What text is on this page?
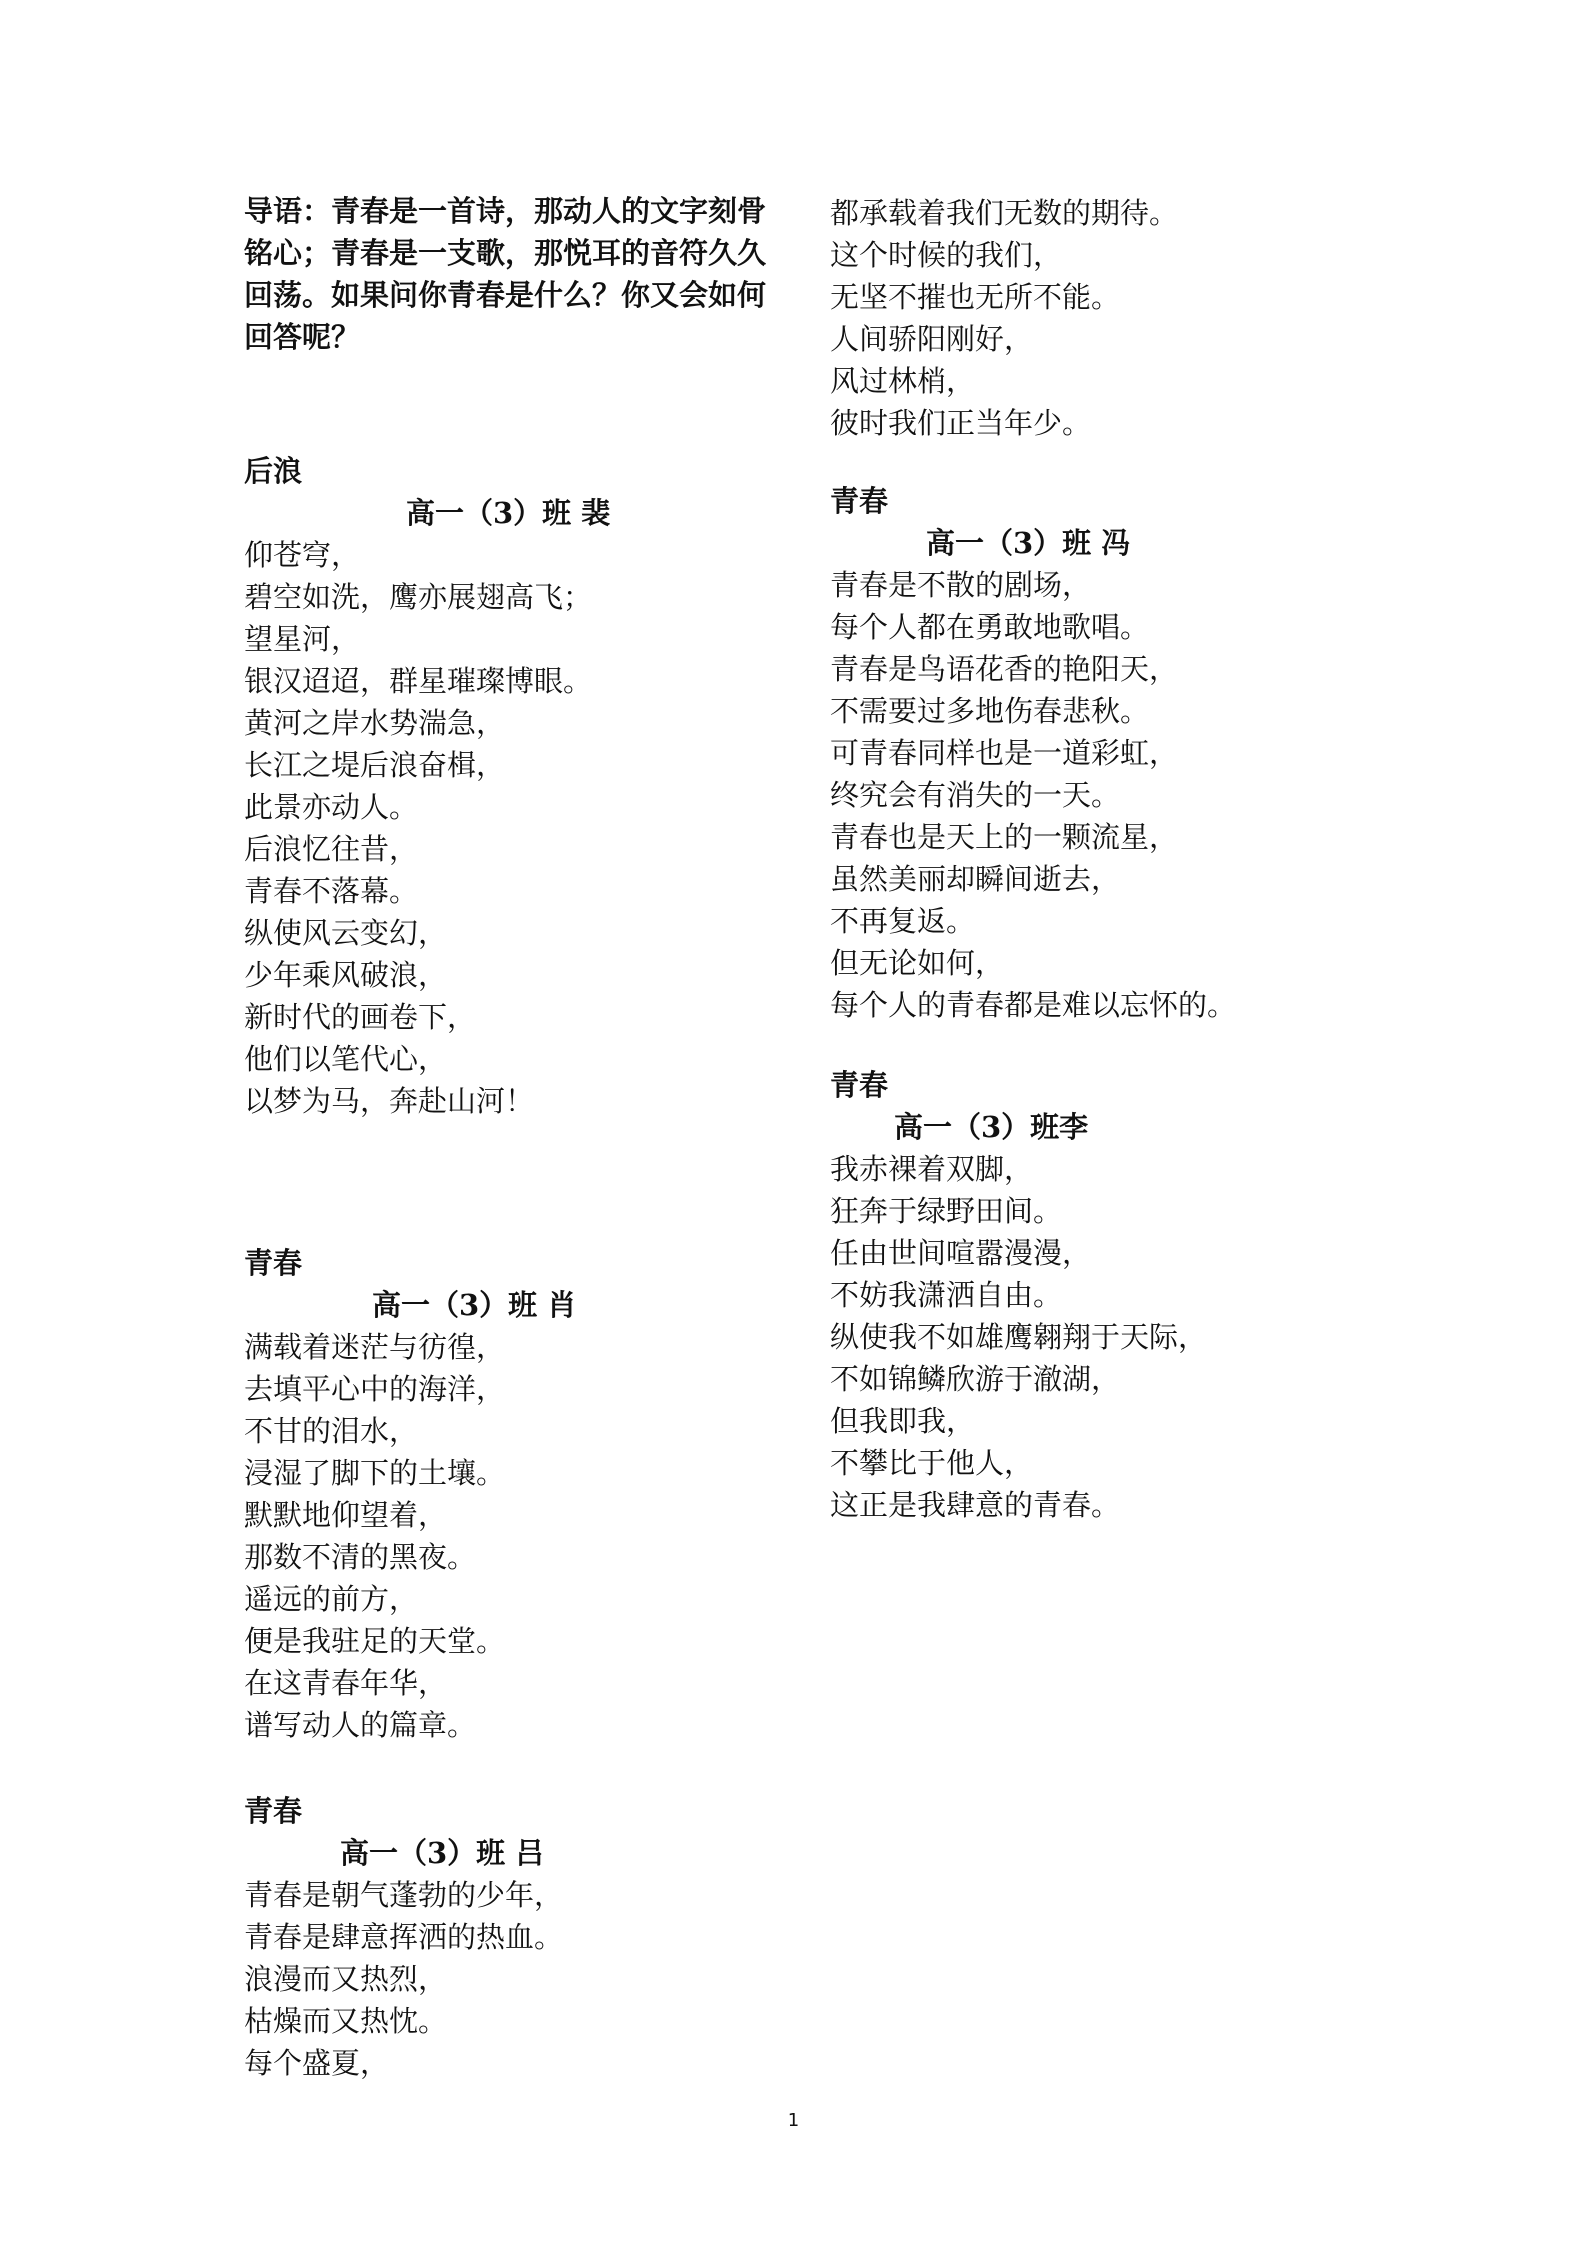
导语：青春是一首诗，那动人的文字刻骨铭心；青春是一支歌，那悦耳的音符久久回荡。如果问你青春是什么？你又会如何回答呢？
后浪
高一（3）班 裴
仰苍穹，
碧空如洗，鹰亦展翅高飞；
望星河，
银汉迢迢，群星璀璨博眼。
黄河之岸水势湍急，
长江之堤后浪奋楫，
此景亦动人。
后浪忆往昔，
青春不落幕。
纵使风云变幻，
少年乘风破浪，
新时代的画卷下，
他们以笔代心，
以梦为马，奔赴山河！
青春
高一（3）班 肖
满载着迷茫与彷徨，
去填平心中的海洋，
不甘的泪水，
浸湿了脚下的土壤。
默默地仰望着，
那数不清的黑夜。
遥远的前方，
便是我驻足的天堂。
在这青春年华，
谱写动人的篇章。
青春
高一（3）班 吕
青春是朝气蓬勃的少年，
青春是肆意挥洒的热血。
浪漫而又热烈，
枯燥而又热忱。
每个盛夏，
都承载着我们无数的期待。
这个时候的我们，
无坚不摧也无所不能。
人间骄阳刚好，
风过林梢，
彼时我们正当年少。
青春
高一（3）班 冯
青春是不散的剧场，
每个人都在勇敢地歌唱。
青春是鸟语花香的艳阳天，
不需要过多地伤春悲秋。
可青春同样也是一道彩虹，
终究会有消失的一天。
青春也是天上的一颗流星，
虽然美丽却瞬间逝去，
不再复返。
但无论如何，
每个人的青春都是难以忘怀的。
青春
高一（3）班李
我赤裸着双脚，
狂奔于绿野田间。
任由世间喧嚣漫漫，
不妨我潇洒自由。
纵使我不如雄鹰翱翔于天际，
不如锦鳞欣游于澈湖，
但我即我，
不攀比于他人，
这正是我肆意的青春。
1
